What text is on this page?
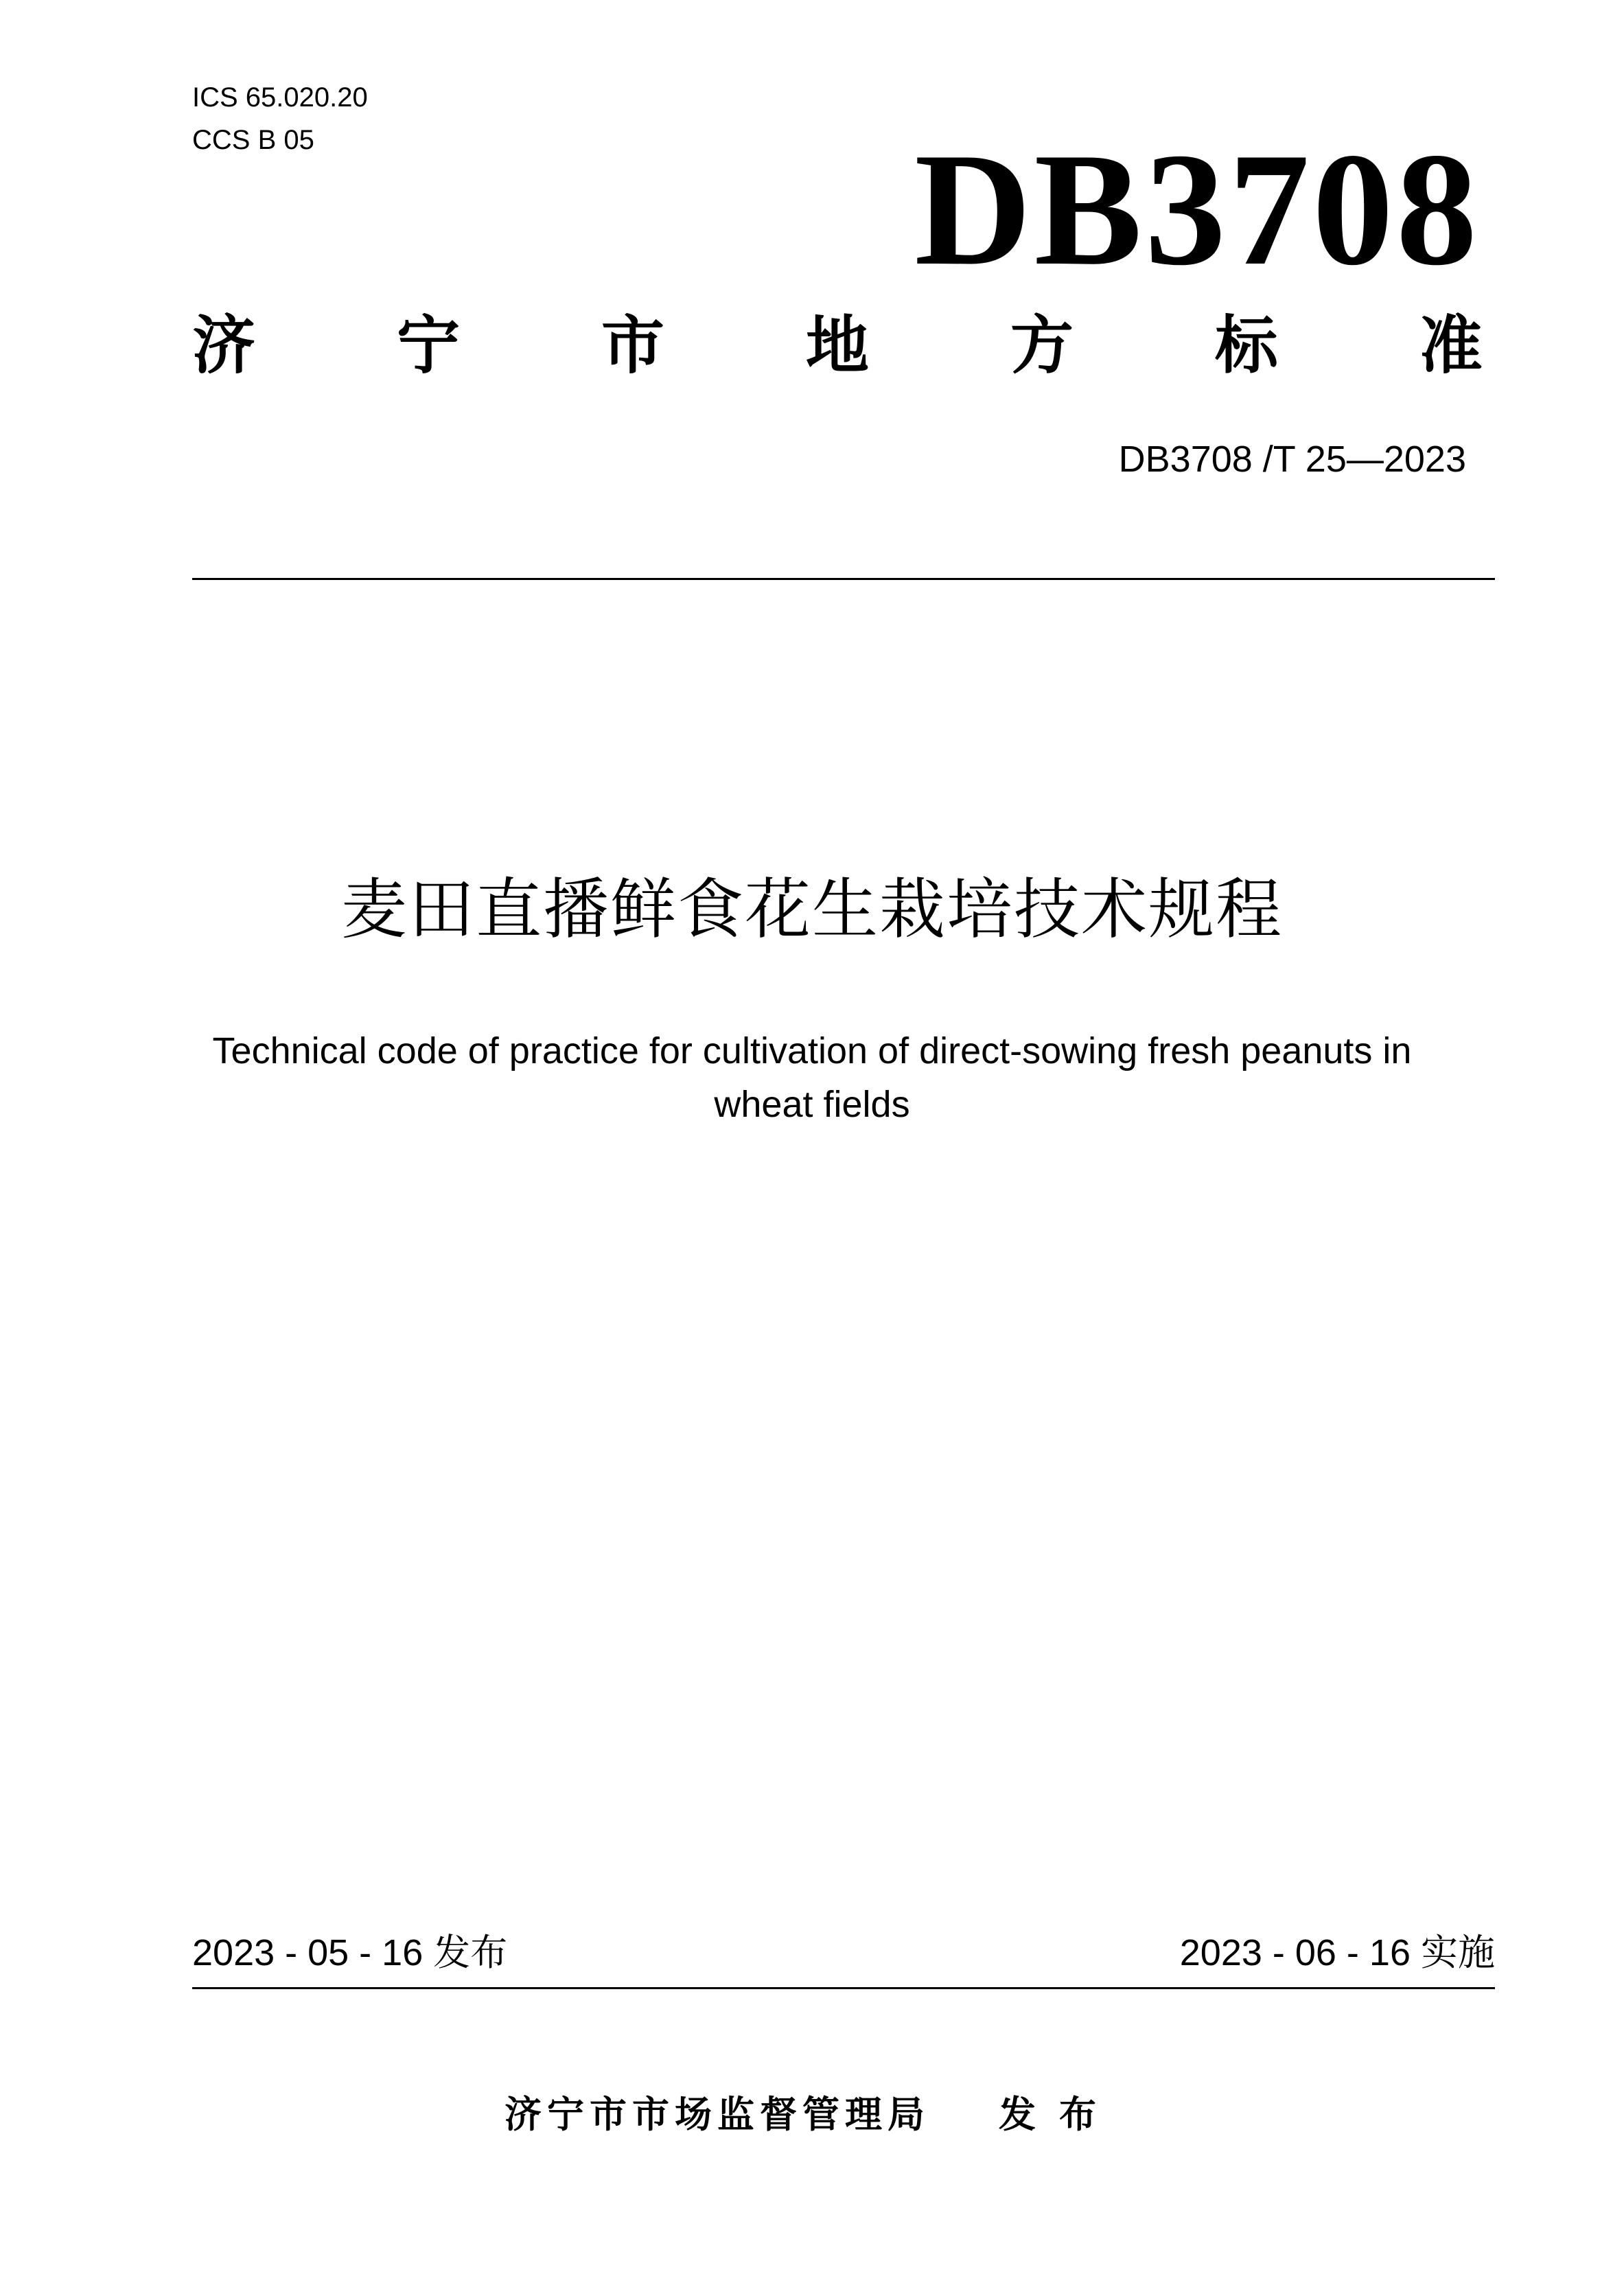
ICS 65.020.20
CCS B 05	DB3708
济 宁 市 地 方 标 准
DB3708 /T 25—2023
麦田直播鲜食花生栽培技术规程
Technical code of practice for cultivation of direct-sowing fresh peanuts in wheat fields
2023 - 05 - 16 发布	2023 - 06 - 16 实施
济宁市市场监督管理局 发布
